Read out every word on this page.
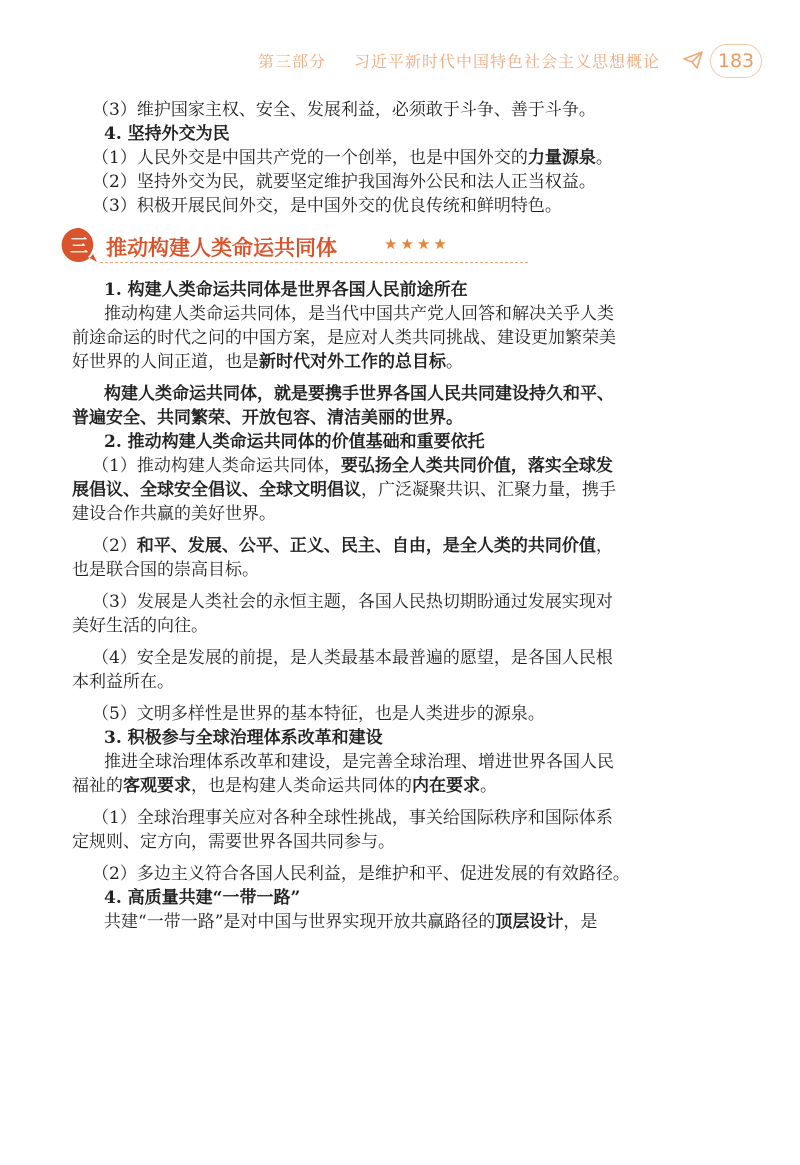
第三部分 习近平新时代中国特色社会主义思想概论	183

（3）维护国家主权、安全、发展利益，必须敢于斗争、善于斗争。

4. 坚持外交为民

（1）人民外交是中国共产党的一个创举，也是中国外交的力量源泉。

（2）坚持外交为民，就要坚定维护我国海外公民和法人正当权益。

（3）积极开展民间外交，是中国外交的优良传统和鲜明特色。

三 推动构建人类命运共同体	★★★★

1. 构建人类命运共同体是世界各国人民前途所在

推动构建人类命运共同体，是当代中国共产党人回答和解决关乎人类

前途命运的时代之问的中国方案，是应对人类共同挑战、建设更加繁荣美

好世界的人间正道，也是新时代对外工作的总目标。

构建人类命运共同体，就是要携手世界各国人民共同建设持久和平、

普遍安全、共同繁荣、开放包容、清洁美丽的世界。

2. 推动构建人类命运共同体的价值基础和重要依托

（1）推动构建人类命运共同体，要弘扬全人类共同价值，落实全球发

展倡议、全球安全倡议、全球文明倡议，广泛凝聚共识、汇聚力量，携手

建设合作共赢的美好世界。

（2）和平、发展、公平、正义、民主、自由，是全人类的共同价值，

也是联合国的崇高目标。

（3）发展是人类社会的永恒主题，各国人民热切期盼通过发展实现对

美好生活的向往。

（4）安全是发展的前提，是人类最基本最普遍的愿望，是各国人民根

本利益所在。

（5）文明多样性是世界的基本特征，也是人类进步的源泉。

3. 积极参与全球治理体系改革和建设

推进全球治理体系改革和建设，是完善全球治理、增进世界各国人民

福祉的客观要求，也是构建人类命运共同体的内在要求。

（1）全球治理事关应对各种全球性挑战，事关给国际秩序和国际体系

定规则、定方向，需要世界各国共同参与。

（2）多边主义符合各国人民利益，是维护和平、促进发展的有效路径。

4. 高质量共建“一带一路”

共建“一带一路”是对中国与世界实现开放共赢路径的顶层设计，是
